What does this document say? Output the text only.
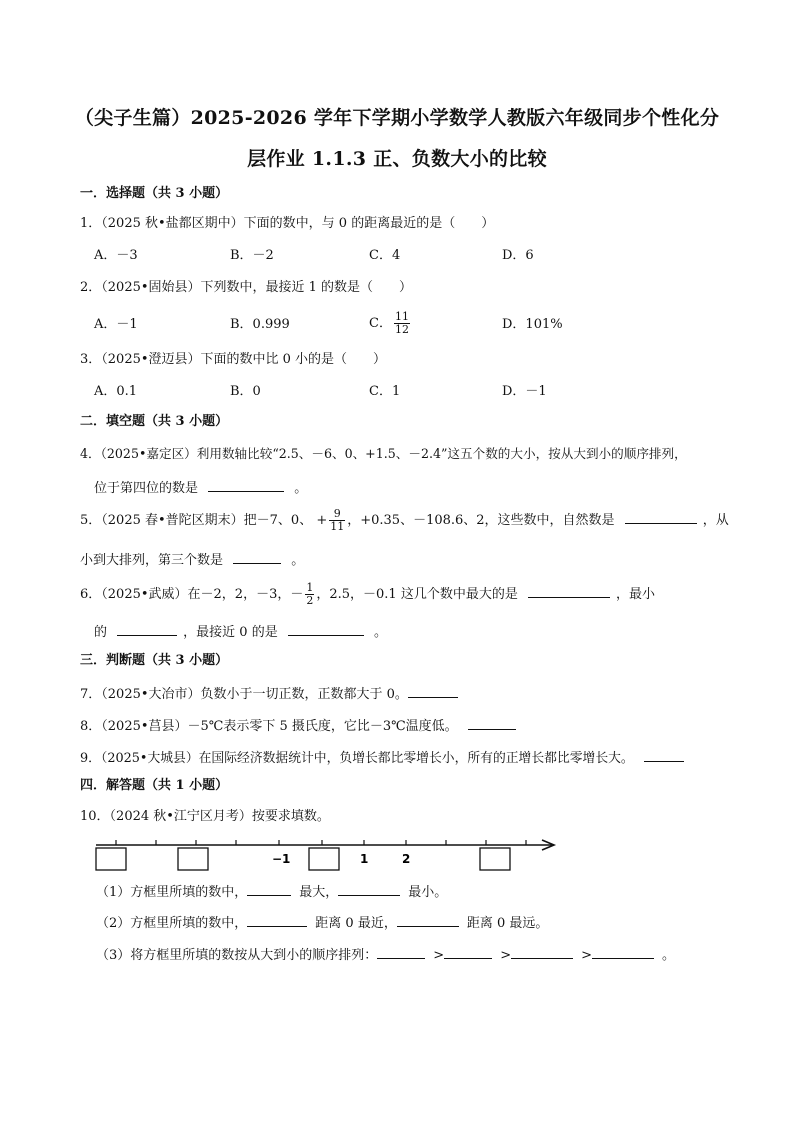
（尖子生篇）2025-2026 学年下学期小学数学人教版六年级同步个性化分
层作业 1.1.3 正、负数大小的比较
一．选择题（共 3 小题）
1．（2025 秋•盐都区期中）下面的数中，与 0 的距离最近的是（　　）
A．－3	B．－2	C．4	D．6
2．（2025•固始县）下列数中，最接近 1 的数是（　　）
A．－1	B．0.999	C． $\frac{11}{12}$	D．101%
3．（2025•澄迈县）下面的数中比 0 小的是（　　）
A．0.1	B．0	C．1	D．－1
二．填空题（共 3 小题）
4．（2025•嘉定区）利用数轴比较“2.5、－6、0、+1.5、－2.4”这五个数的大小，按从大到小的顺序排列，
位于第四位的数是	。
5．（2025 春•普陀区期末）把－7、0、 + $\frac{9}{11}$ ，+0.35、－108.6、2，这些数中，自然数是	，从
小到大排列，第三个数是	。
6．（2025•武威）在－2，2，－3，－ $\frac{1}{2}$ ，2.5，－0.1 这几个数中最大的是	，最小
的	，最接近 0 的是	。
三．判断题（共 3 小题）
7．（2025•大冶市）负数小于一切正数，正数都大于 0。
8．（2025•莒县）－5℃表示零下 5 摄氏度，它比－3℃温度低。
9．（2025•大城县）在国际经济数据统计中，负增长都比零增长小，所有的正增长都比零增长大。
四．解答题（共 1 小题）
10．（2024 秋•江宁区月考）按要求填数。
−1	1	2
（1）方框里所填的数中，	最大，	最小。
（2）方框里所填的数中，	距离 0 最近，	距离 0 最远。
（3）将方框里所填的数按从大到小的顺序排列：	>	>	>	。
